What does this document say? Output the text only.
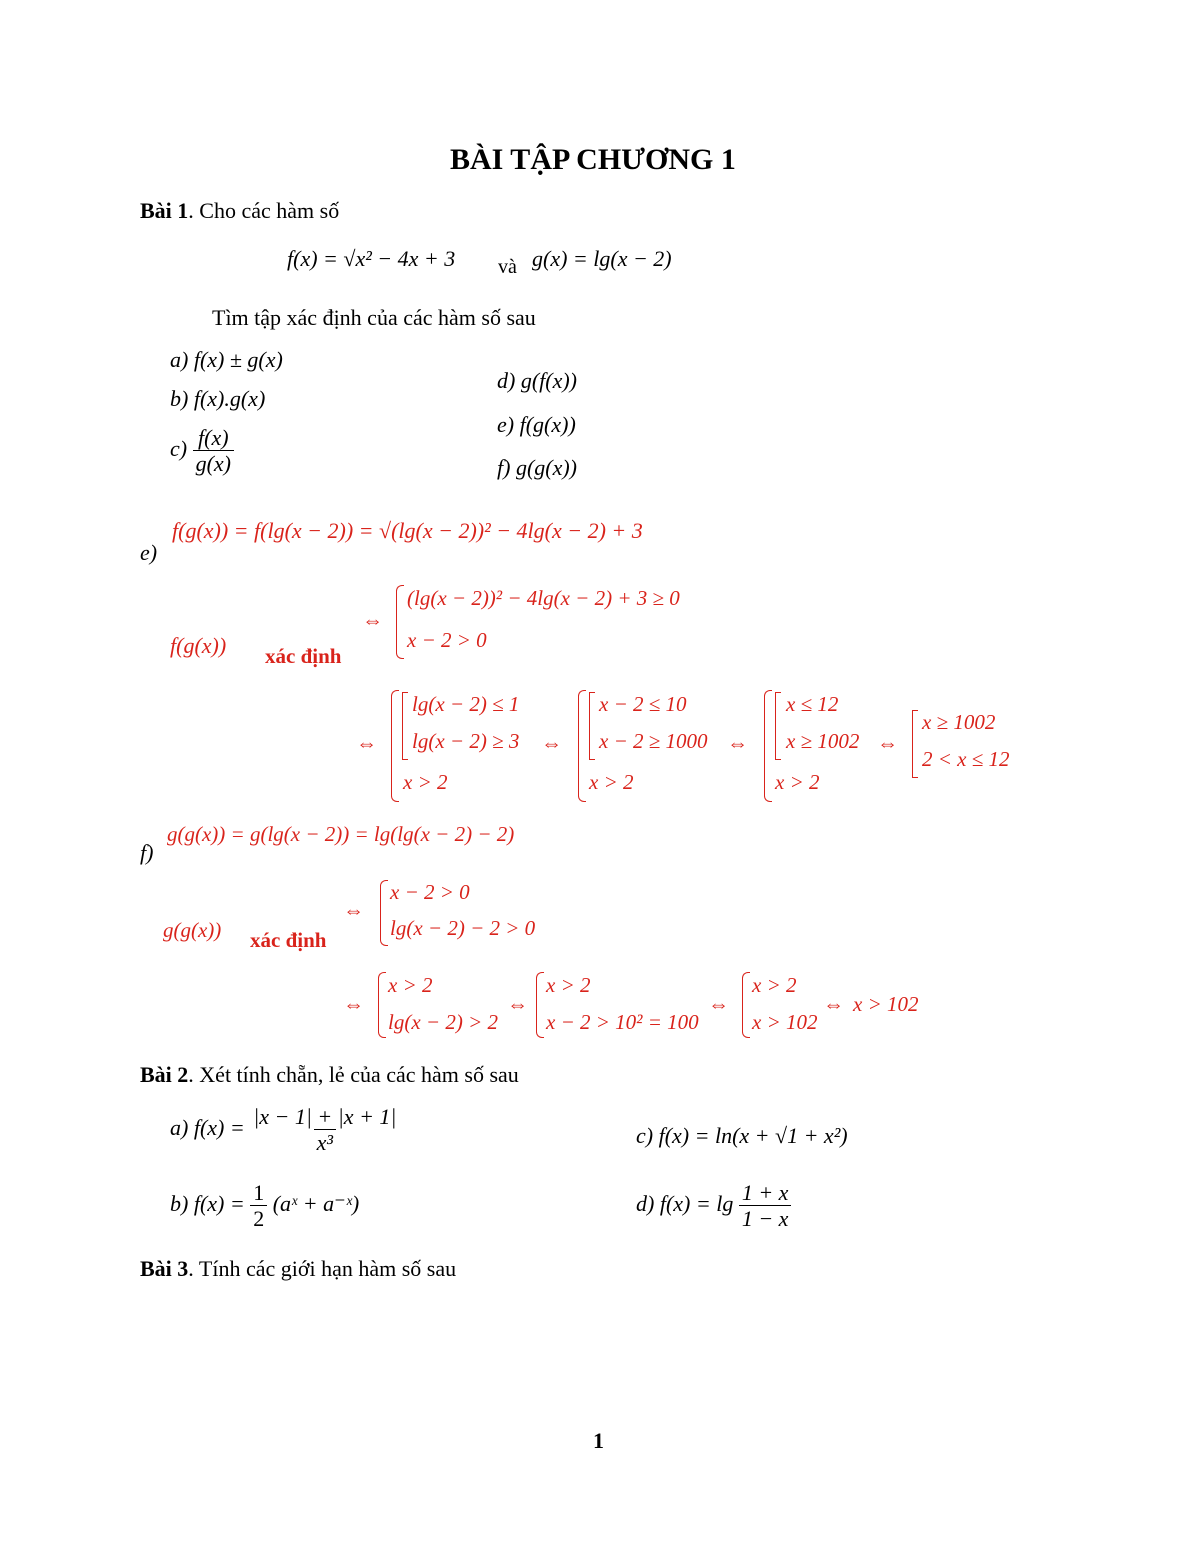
BÀI TẬP CHƯƠNG 1
Bài 1. Cho các hàm số
f(x) = √x² − 4x + 3 và g(x) = lg(x − 2)
Tìm tập xác định của các hàm số sau
a) f(x) ± g(x)
b) f(x).g(x)
$c) \frac{f(x)}{g(x)}$
d) g(f(x))
e) f(g(x))
f) g(g(x))
e)
f(g(x)) = f(lg(x − 2)) = √(lg(x − 2))² − 4lg(x − 2) + 3
f(g(x)) xác định
⇔
(lg(x − 2))² − 4lg(x − 2) + 3 ≥ 0
x − 2 > 0
⇔
lg(x − 2) ≤ 1
lg(x − 2) ≥ 3
x > 2
⇔
x − 2 ≤ 10
x − 2 ≥ 1000
x > 2
⇔
x ≤ 12
x ≥ 1002
x > 2
⇔
x ≥ 1002
2 < x ≤ 12
f)
g(g(x)) = g(lg(x − 2)) = lg(lg(x − 2) − 2)
g(g(x)) xác định
⇔
x − 2 > 0
lg(x − 2) − 2 > 0
⇔
x > 2
lg(x − 2) > 2
⇔
x > 2
x − 2 > 10² = 100
⇔
x > 2
x > 102
⇔ x > 102
Bài 2. Xét tính chẵn, lẻ của các hàm số sau
a) $f(x) = \frac{|x - 1| + |x + 1|}{\text{x³}}$
b) $f(x) = \frac{1}{2}$ (aˣ + a⁻ˣ)
c) f(x) = ln(x + √1 + x²)
d) $f(x) = \lg \frac{1 + x}{1 - x}$
Bài 3. Tính các giới hạn hàm số sau
1
